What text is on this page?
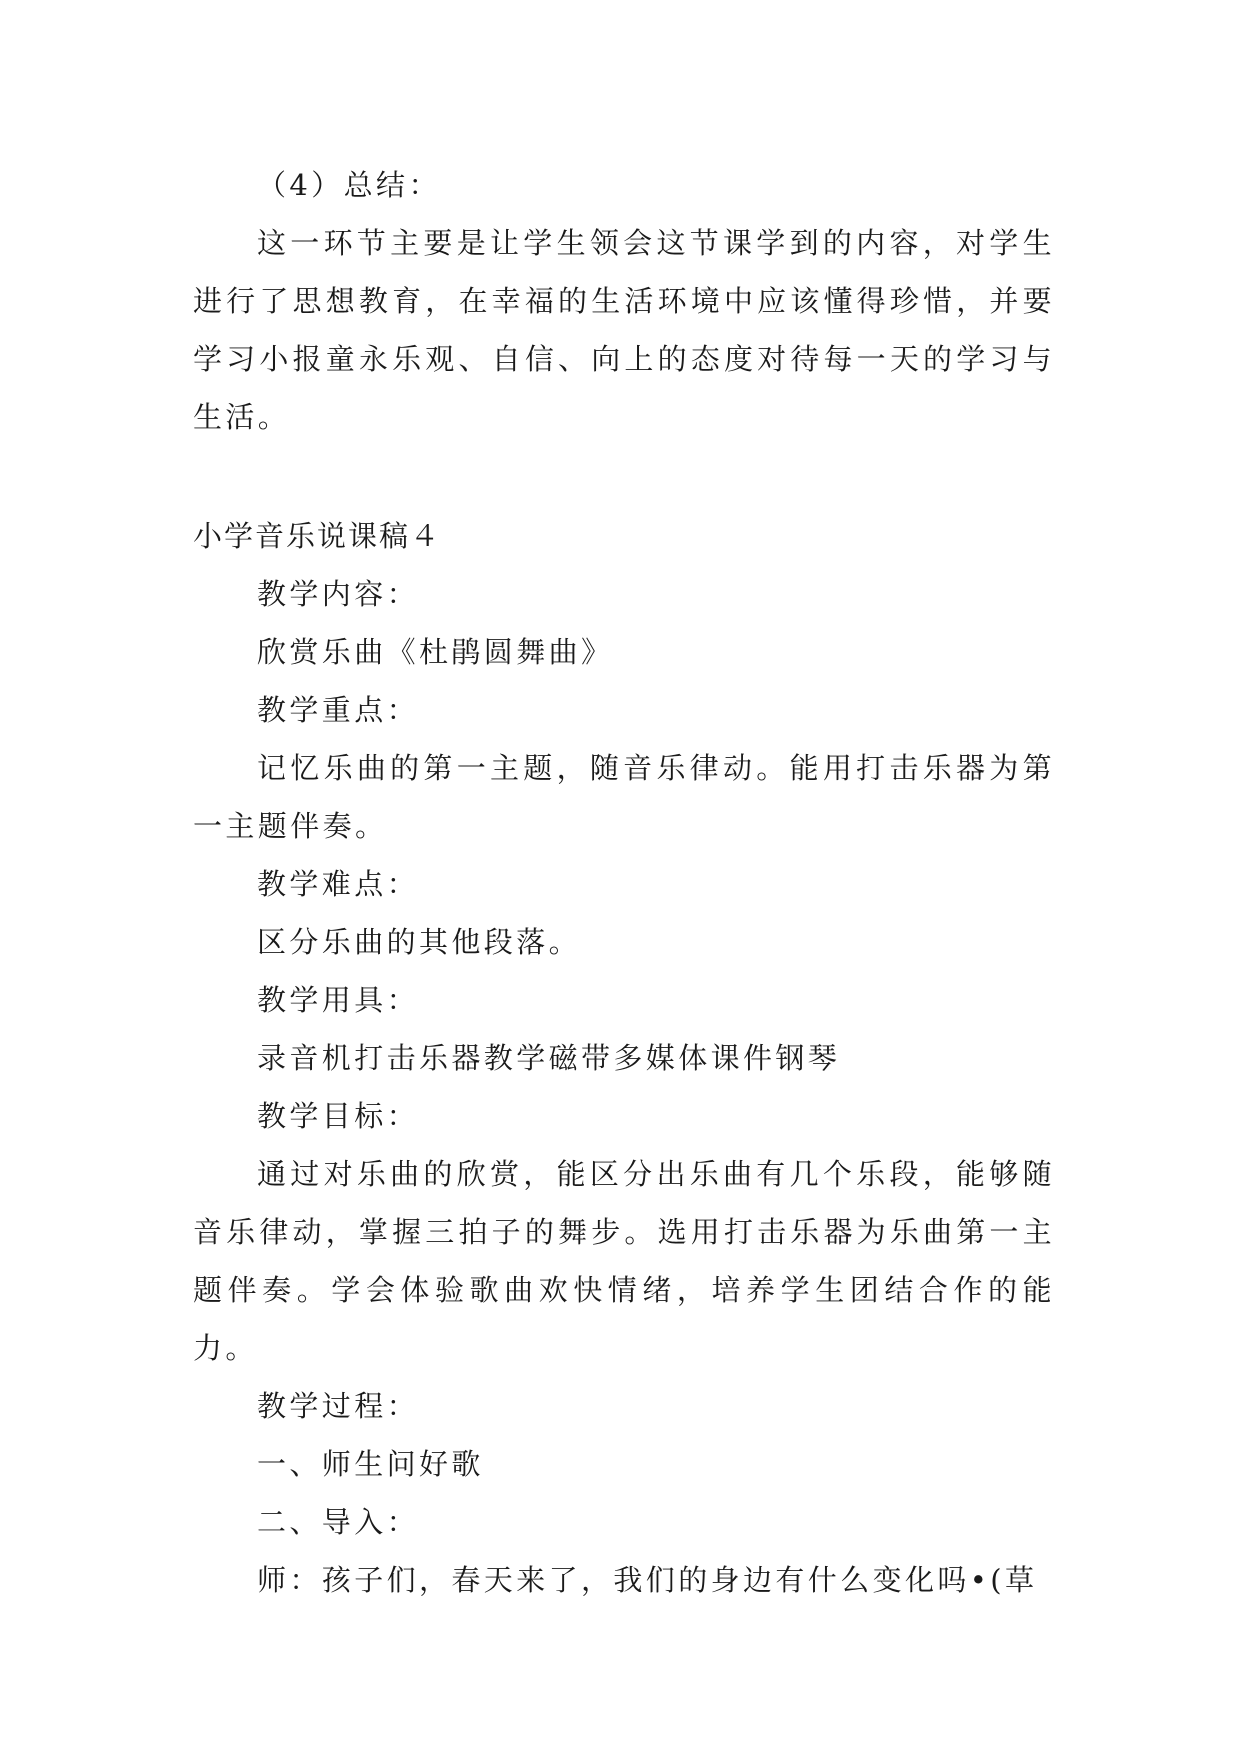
（4）总结：

这一环节主要是让学生领会这节课学到的内容，对学生进行了思想教育，在幸福的生活环境中应该懂得珍惜，并要学习小报童永乐观、自信、向上的态度对待每一天的学习与生活。

小学音乐说课稿４

教学内容：

欣赏乐曲《杜鹃圆舞曲》

教学重点：

记忆乐曲的第一主题，随音乐律动。能用打击乐器为第一主题伴奏。

教学难点：

区分乐曲的其他段落。

教学用具：

录音机打击乐器教学磁带多媒体课件钢琴

教学目标：

通过对乐曲的欣赏，能区分出乐曲有几个乐段，能够随音乐律动，掌握三拍子的舞步。选用打击乐器为乐曲第一主题伴奏。学会体验歌曲欢快情绪，培养学生团结合作的能力。

教学过程：

一、师生问好歌

二、导入：

师：孩子们，春天来了，我们的身边有什么变化吗•(草
